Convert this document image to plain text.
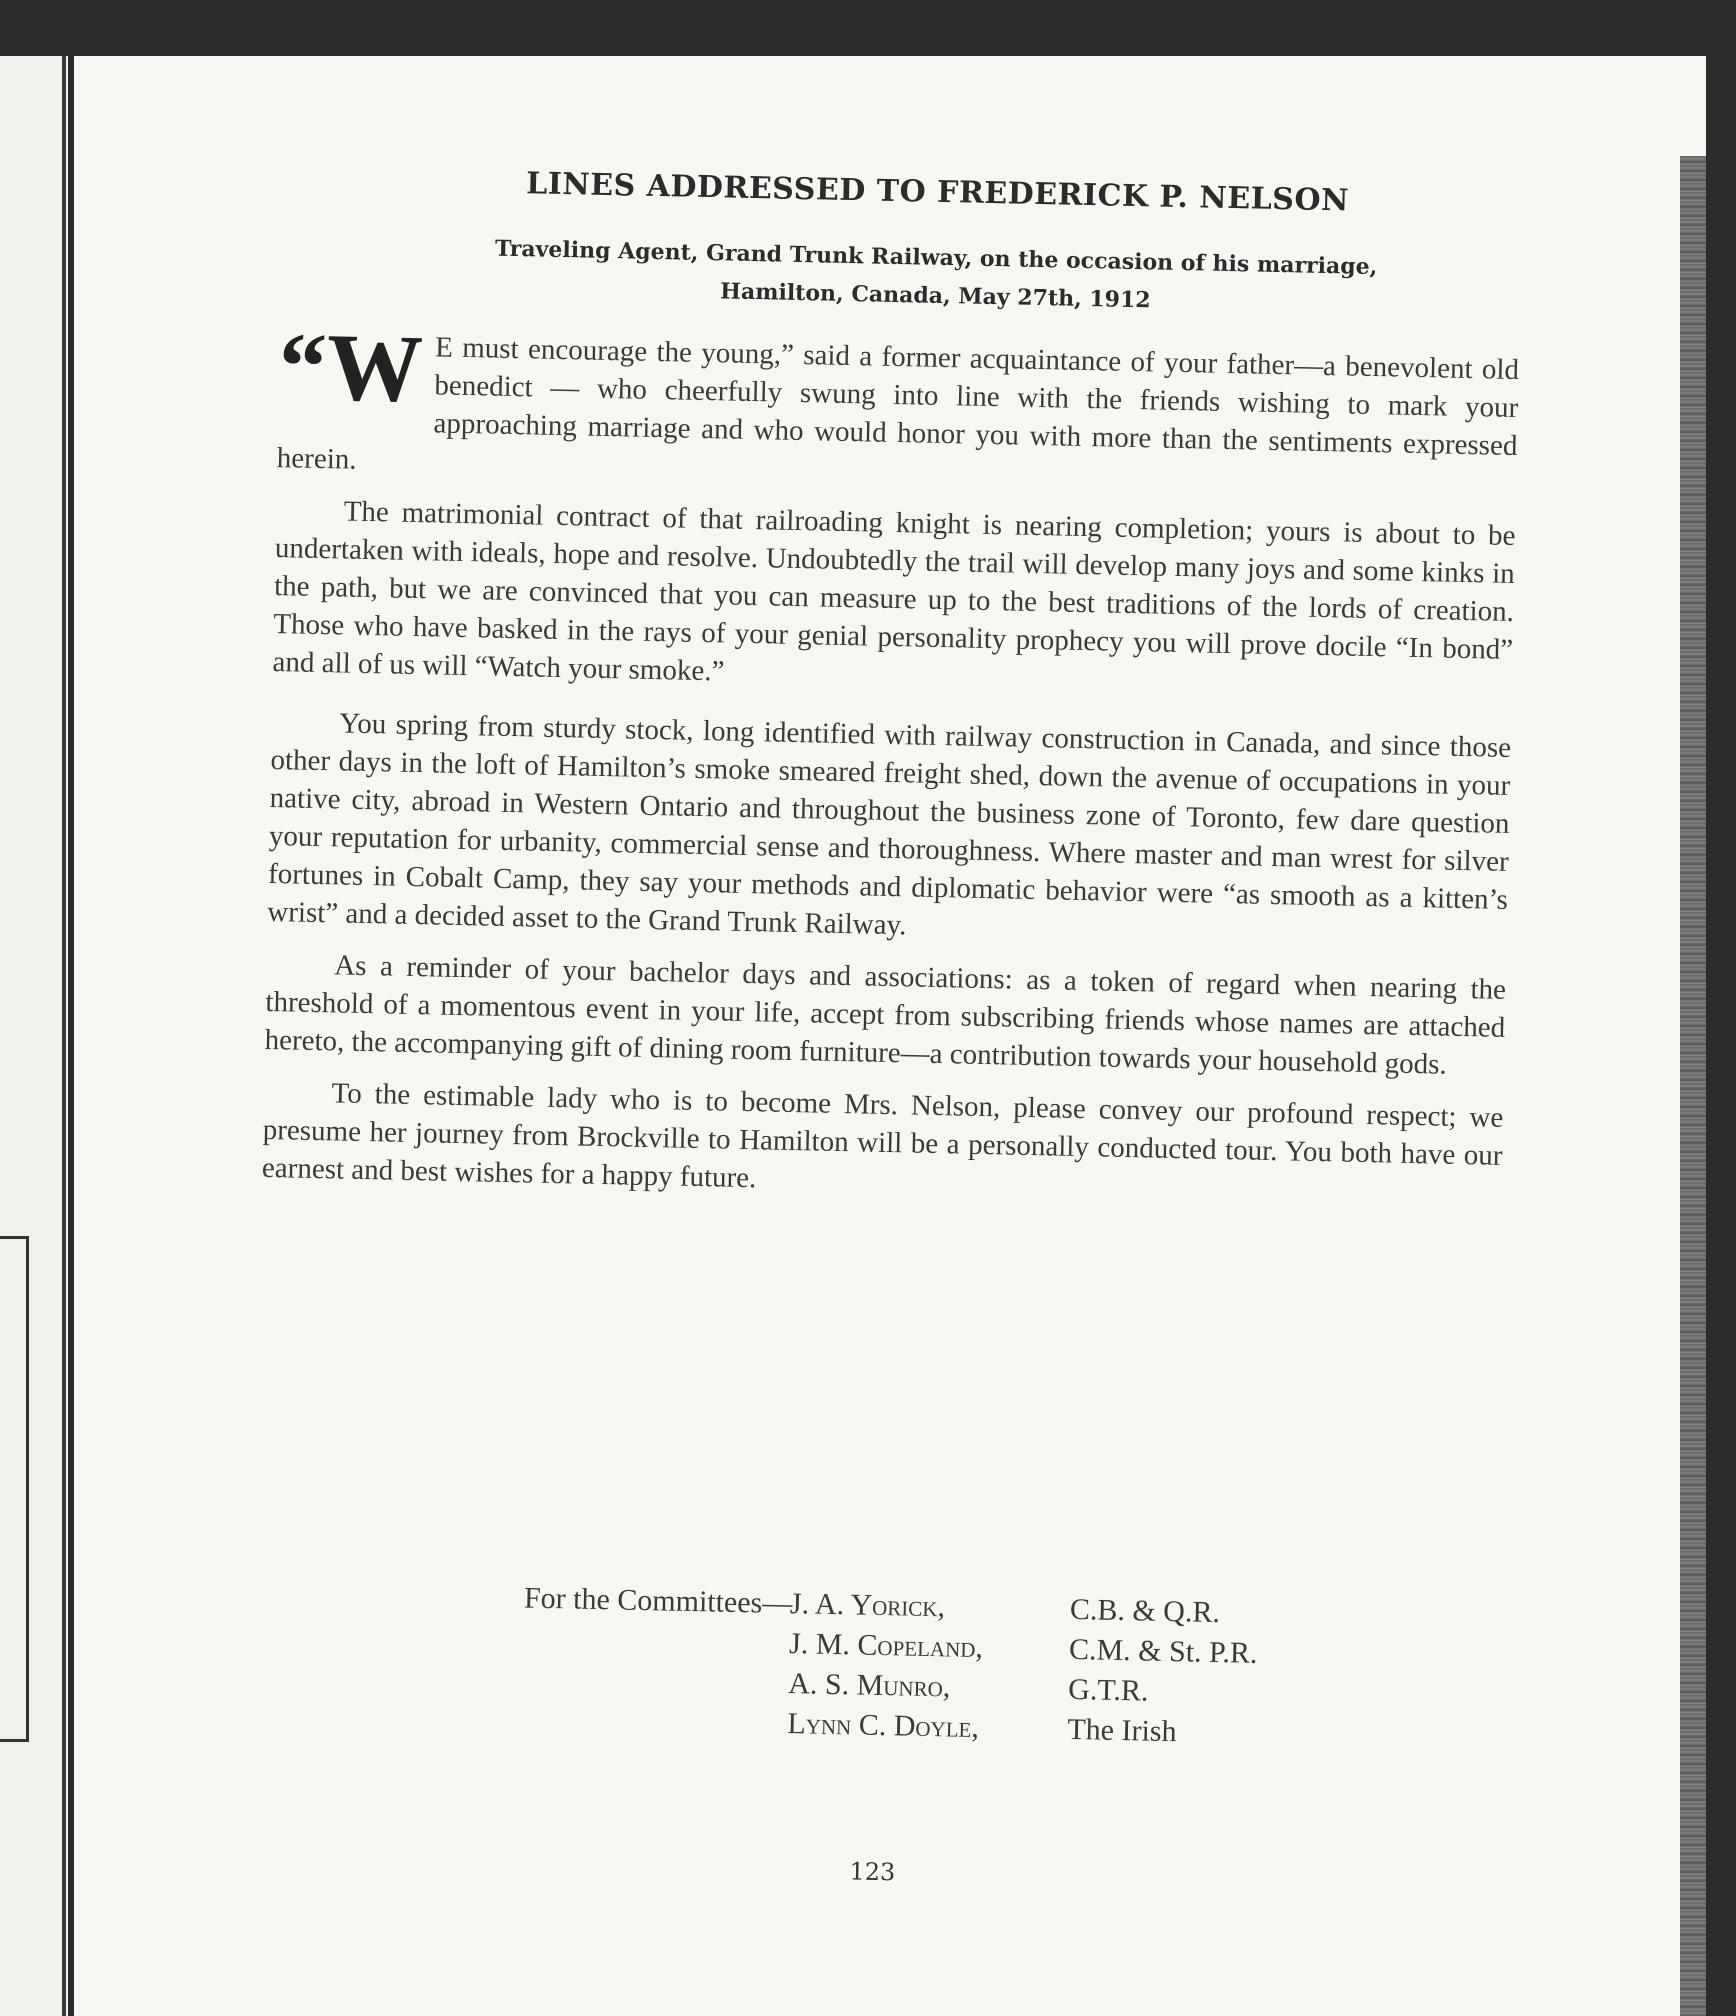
LINES ADDRESSED TO FREDERICK P. NELSON
Traveling Agent, Grand Trunk Railway, on the occasion of his marriage,
Hamilton, Canada, May 27th, 1912

“W E must encourage the young,” said a former acquaintance of your father—a benevolent old benedict — who cheerfully swung into line with the friends wishing to mark your approaching marriage and who would honor you with more than the sentiments expressed herein.

The matrimonial contract of that railroading knight is nearing completion; yours is about to be undertaken with ideals, hope and resolve. Undoubtedly the trail will develop many joys and some kinks in the path, but we are convinced that you can measure up to the best traditions of the lords of creation. Those who have basked in the rays of your genial personality prophecy you will prove docile “In bond” and all of us will “Watch your smoke.”

You spring from sturdy stock, long identified with railway construction in Canada, and since those other days in the loft of Hamilton’s smoke smeared freight shed, down the avenue of occupations in your native city, abroad in Western Ontario and throughout the business zone of Toronto, few dare question your reputation for urbanity, commercial sense and thoroughness. Where master and man wrest for silver fortunes in Cobalt Camp, they say your methods and diplomatic behavior were “as smooth as a kitten’s wrist” and a decided asset to the Grand Trunk Railway.

As a reminder of your bachelor days and associations: as a token of regard when nearing the threshold of a momentous event in your life, accept from subscribing friends whose names are attached hereto, the accompanying gift of dining room furniture—a contribution towards your household gods.

To the estimable lady who is to become Mrs. Nelson, please convey our profound respect; we presume her journey from Brockville to Hamilton will be a personally conducted tour. You both have our earnest and best wishes for a happy future.

For the Committees—
J. A. Yorick,	C.B. & Q.R.
J. M. Copeland,	C.M. & St. P.R.
A. S. Munro,	G.T.R.
Lynn C. Doyle,	The Irish
123
